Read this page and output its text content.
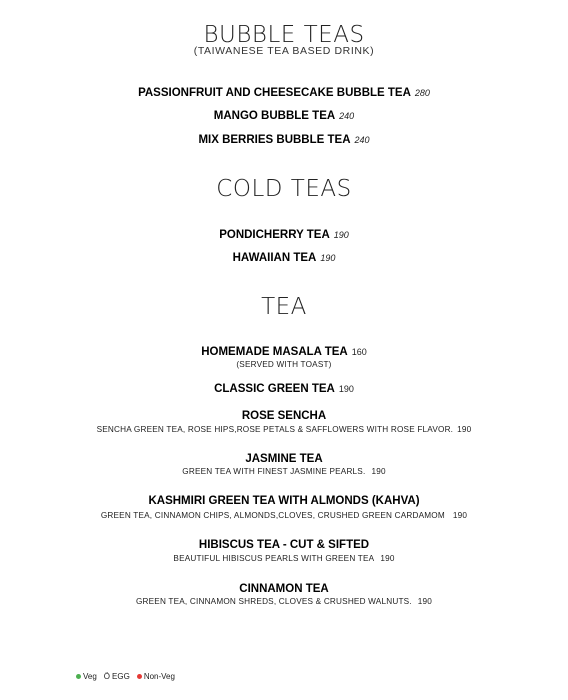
BUBBLE TEAS
(TAIWANESE TEA BASED DRINK)
PASSIONFRUIT AND CHEESECAKE BUBBLE TEA 280
MANGO BUBBLE TEA 240
MIX BERRIES BUBBLE TEA 240
COLD TEAS
PONDICHERRY TEA 190
HAWAIIAN TEA 190
TEA
HOMEMADE MASALA TEA 160
(SERVED WITH TOAST)
CLASSIC GREEN TEA 190
ROSE SENCHA
SENCHA GREEN TEA, ROSE HIPS,ROSE PETALS & SAFFLOWERS WITH ROSE FLAVOR. 190
JASMINE TEA
GREEN TEA WITH FINEST JASMINE PEARLS. 190
KASHMIRI GREEN TEA WITH ALMONDS (KAHVA)
GREEN TEA, CINNAMON CHIPS, ALMONDS,CLOVES, CRUSHED GREEN CARDAMOM 190
HIBISCUS TEA - CUT & SIFTED
BEAUTIFUL HIBISCUS PEARLS WITH GREEN TEA 190
CINNAMON TEA
GREEN TEA, CINNAMON SHREDS, CLOVES & CRUSHED WALNUTS. 190
Veg Ö EGG Non-Veg
